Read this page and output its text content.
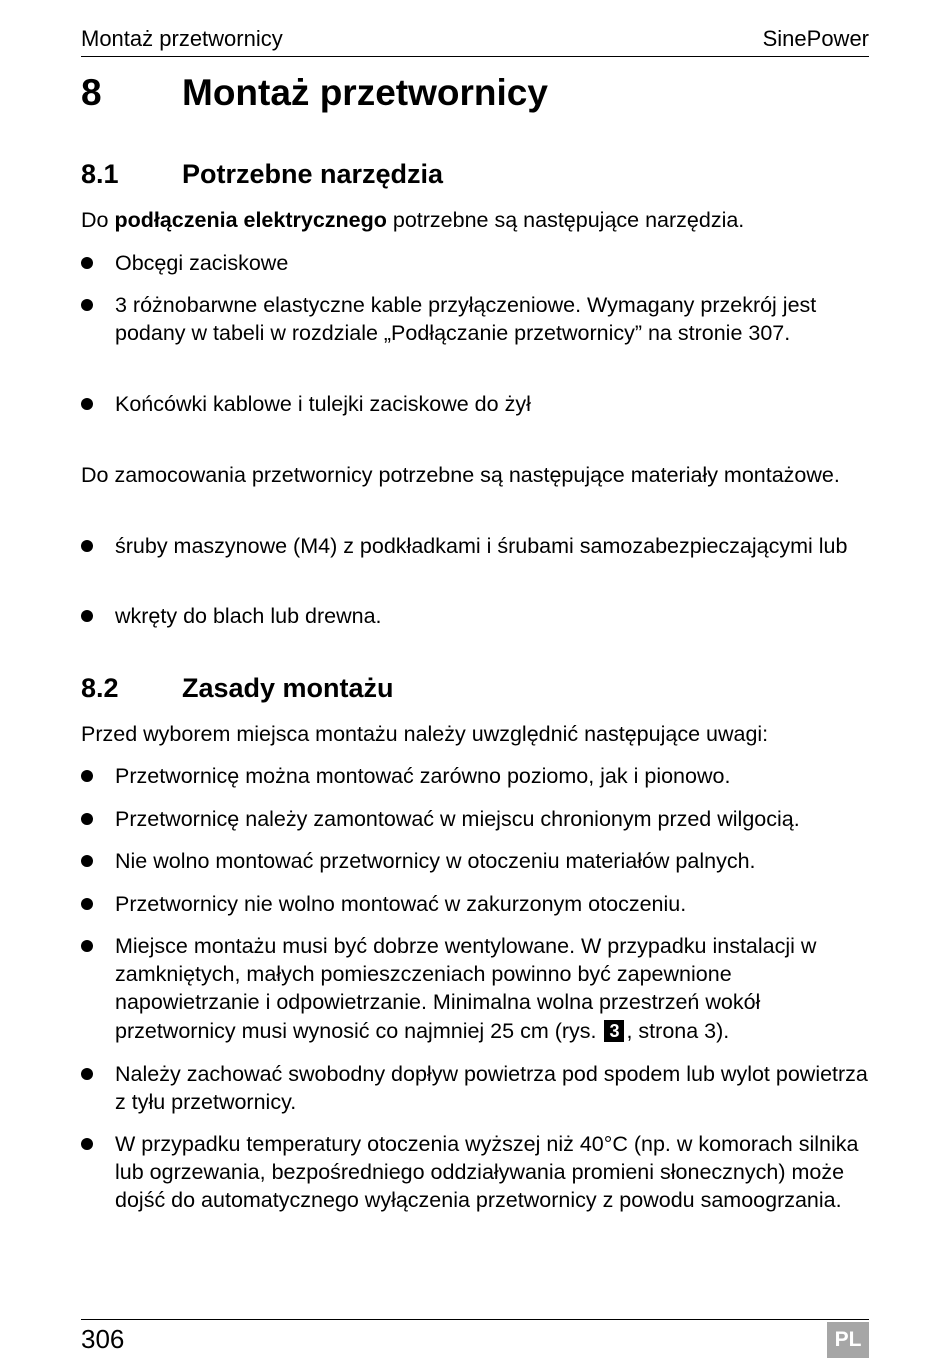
Montaż przetwornicy	SinePower
8 Montaż przetwornicy
8.1 Potrzebne narzędzia
Do podłączenia elektrycznego potrzebne są następujące narzędzia.
Obcęgi zaciskowe
3 różnobarwne elastyczne kable przyłączeniowe. Wymagany przekrój jest podany w tabeli w rozdziale „Podłączanie przetwornicy” na stronie 307.
Końcówki kablowe i tulejki zaciskowe do żył
Do zamocowania przetwornicy potrzebne są następujące materiały montażowe.
śruby maszynowe (M4) z podkładkami i śrubami samozabezpieczającymi lub
wkręty do blach lub drewna.
8.2 Zasady montażu
Przed wyborem miejsca montażu należy uwzględnić następujące uwagi:
Przetwornicę można montować zarówno poziomo, jak i pionowo.
Przetwornicę należy zamontować w miejscu chronionym przed wilgocią.
Nie wolno montować przetwornicy w otoczeniu materiałów palnych.
Przetwornicy nie wolno montować w zakurzonym otoczeniu.
Miejsce montażu musi być dobrze wentylowane. W przypadku instalacji w zamkniętych, małych pomieszczeniach powinno być zapewnione napowietrzanie i odpowietrzanie. Minimalna wolna przestrzeń wokół przetwornicy musi wynosić co najmniej 25 cm (rys. 3 , strona 3).
Należy zachować swobodny dopływ powietrza pod spodem lub wylot powietrza z tyłu przetwornicy.
W przypadku temperatury otoczenia wyższej niż 40°C (np. w komorach silnika lub ogrzewania, bezpośredniego oddziaływania promieni słonecznych) może dojść do automatycznego wyłączenia przetwornicy z powodu samoogrzania.
306	PL
